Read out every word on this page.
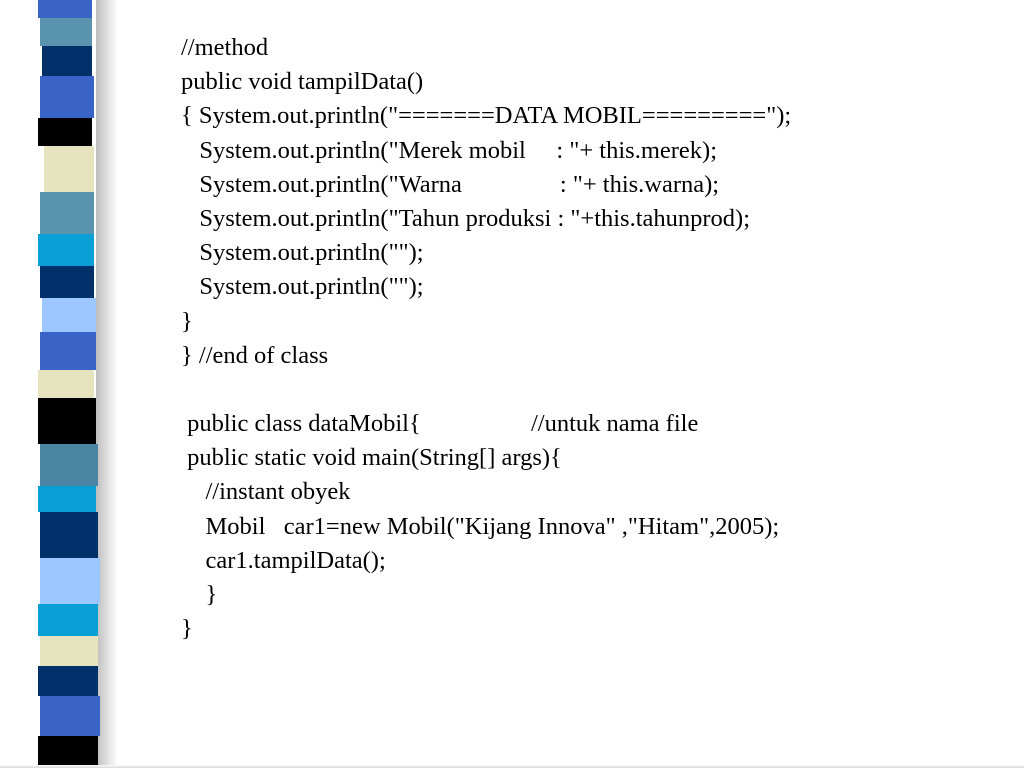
//method
public void tampilData()
{ System.out.println("=======DATA MOBIL=========");
System.out.println("Merek mobil     : "+ this.merek);
System.out.println("Warna                : "+ this.warna);
System.out.println("Tahun produksi : "+this.tahunprod);
System.out.println("");
System.out.println("");
}
} //end of class
public class dataMobil{                  //untuk nama file
public static void main(String[] args){
//instant obyek
Mobil   car1=new Mobil("Kijang Innova" ,"Hitam",2005);
car1.tampilData();
}
}
